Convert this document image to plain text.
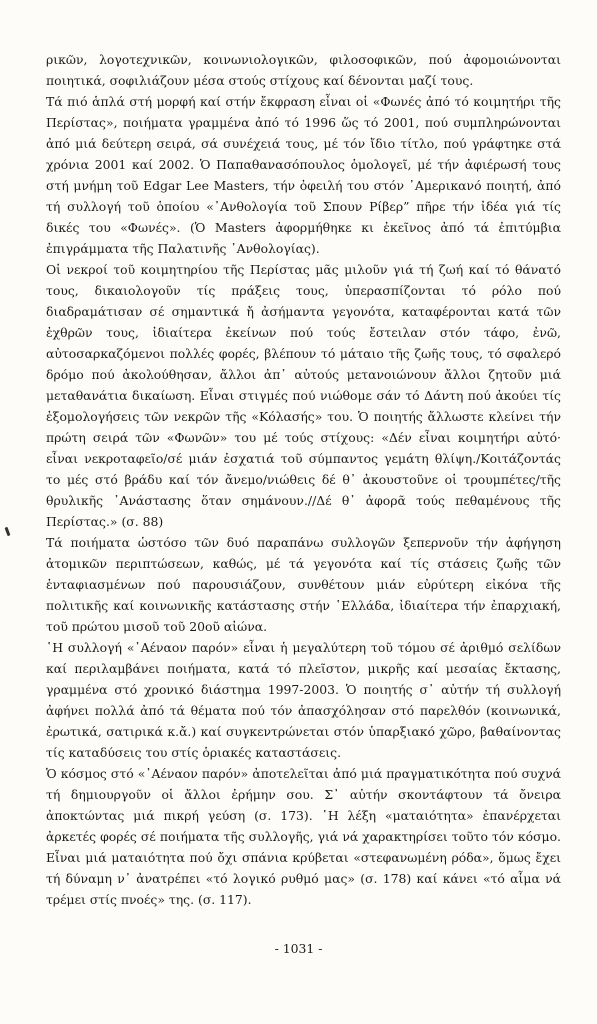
ρικῶν, λογοτεχνικῶν, κοινωνιολογικῶν, φιλοσοφικῶν, πού ἀφομοιώνονται ποιητικά, σοφιλιάζουν μέσα στούς στίχους καί δένονται μαζί τους.

Τά πιό ἁπλά στή μορφή καί στήν ἔκφραση εἶναι οἱ «Φωνές ἀπό τό κοιμητήρι τῆς Περίστας», ποιήματα γραμμένα ἀπό τό 1996 ὥς τό 2001, πού συμπληρώνονται ἀπό μιά δεύτερη σειρά, σά συνέχειά τους, μέ τόν ἴδιο τίτλο, πού γράφτηκε στά χρόνια 2001 καί 2002. Ὁ Παπαθανασόπουλος ὁμολογεῖ, μέ τήν ἀφιέρωσή τους στή μνήμη τοῦ Edgar Lee Masters, τήν ὀφειλή του στόν ᾿Αμερικανό ποιητή, ἀπό τή συλλογή τοῦ ὁποίου «᾿Ανθολογία τοῦ Σπουν Ρίβερ” πῆρε τήν ἰδέα γιά τίς δικές του «Φωνές». (Ὁ Masters ἀφορμήθηκε κι ἐκεῖνος ἀπό τά ἐπιτύμβια ἐπιγράμματα τῆς Παλατινῆς ᾿Ανθολογίας).

Οἱ νεκροί τοῦ κοιμητηρίου τῆς Περίστας μᾶς μιλοῦν γιά τή ζωή καί τό θάνατό τους, δικαιολογοῦν τίς πράξεις τους, ὑπερασπίζονται τό ρόλο πού διαδραμάτισαν σέ σημαντικά ἤ ἀσήμαντα γεγονότα, καταφέρονται κατά τῶν ἐχθρῶν τους, ἰδιαίτερα ἐκείνων πού τούς ἔστειλαν στόν τάφο, ἐνῶ, αὐτοσαρκαζόμενοι πολλές φορές, βλέπουν τό μάταιο τῆς ζωῆς τους, τό σφαλερό δρόμο πού ἀκολούθησαν, ἄλλοι ἀπ᾿ αὐτούς μετανοιώνουν ἄλλοι ζητοῦν μιά μεταθανάτια δικαίωση. Εἶναι στιγμές πού νιώθομε σάν τό Δάντη πού ἀκούει τίς ἐξομολογήσεις τῶν νεκρῶν τῆς «Κόλασής» του. Ὁ ποιητής ἄλλωστε κλείνει τήν πρώτη σειρά τῶν «Φωνῶν» του μέ τούς στίχους: «Δέν εἶναι κοιμητήρι αὐτό· εἶναι νεκροταφεῖο/σέ μιάν ἐσχατιά τοῦ σύμπαντος γεμάτη θλίψη./Κοιτάζοντάς το μές στό βράδυ καί τόν ἄνεμο/νιώθεις δέ θ᾿ ἀκουστοῦνε οἱ τρουμπέτες/τῆς θρυλικῆς ᾿Ανάστασης ὅταν σημάνουν.//Δέ θ᾿ ἀφορᾶ τούς πεθαμένους τῆς Περίστας.» (σ. 88)

Τά ποιήματα ὡστόσο τῶν δυό παραπάνω συλλογῶν ξεπερνοῦν τήν ἀφήγηση ἀτομικῶν περιπτώσεων, καθώς, μέ τά γεγονότα καί τίς στάσεις ζωῆς τῶν ἐνταφιασμένων πού παρουσιάζουν, συνθέτουν μιάν εὐρύτερη εἰκόνα τῆς πολιτικῆς καί κοινωνικῆς κατάστασης στήν ῾Ελλάδα, ἰδιαίτερα τήν ἐπαρχιακή, τοῦ πρώτου μισοῦ τοῦ 20οῦ αἰώνα.

῾Η συλλογή «᾿Αέναον παρόν» εἶναι ἡ μεγαλύτερη τοῦ τόμου σέ ἀριθμό σελίδων καί περιλαμβάνει ποιήματα, κατά τό πλεῖστον, μικρῆς καί μεσαίας ἔκτασης, γραμμένα στό χρονικό διάστημα 1997-2003. Ὁ ποιητής σ᾿ αὐτήν τή συλλογή ἀφήνει πολλά ἀπό τά θέματα πού τόν ἀπασχόλησαν στό παρελθόν (κοινωνικά, ἐρωτικά, σατιρικά κ.ἄ.) καί συγκεντρώνεται στόν ὑπαρξιακό χῶρο, βαθαίνοντας τίς καταδύσεις του στίς ὁριακές καταστάσεις.

Ὁ κόσμος στό «᾿Αέναον παρόν» ἀποτελεῖται ἀπό μιά πραγματικότητα πού συχνά τή δημιουργοῦν οἱ ἄλλοι ἐρήμην σου. Σ᾿ αὐτήν σκοντάφτουν τά ὄνειρα ἀποκτώντας μιά πικρή γεύση (σ. 173). ῾Η λέξη «ματαιότητα» ἐπανέρχεται ἀρκετές φορές σέ ποιήματα τῆς συλλογῆς, γιά νά χαρακτηρίσει τοῦτο τόν κόσμο. Εἶναι μιά ματαιότητα πού ὄχι σπάνια κρύβεται «στεφανωμένη ρόδα», ὅμως ἔχει τή δύναμη ν᾿ ἀνατρέπει «τό λογικό ρυθμό μας» (σ. 178) καί κάνει «τό αἷμα νά τρέμει στίς πνοές» της. (σ. 117).

- 1031 -
